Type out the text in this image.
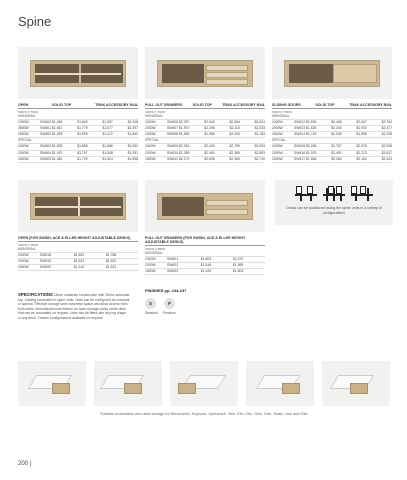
Spine
OPEN	SOLID TOP	TRAK ACCESSORY RAIL
SDDW X 550D
MONORAIL
2400W	SW600 $1,455	$1,845	$1,597	$2,308
2800W	SW601 $1,567	$1,779	$1,677	$2,397
1800W	SW602 $1,528	$1,595	$1,472	$1,842
SPECIAL
2400W	SW603 $1,835	$1,885	$1,668	$2,062
2000W	SW604 $1,457	$1,757	$1,548	$1,931
1600W	SW605 $1,381	$1,709	$1,624	$1,898
PULL OUT DRAWERS	SOLID TOP	TRAK ACCESSORY RAIL
SDDW X 550D
MONORAIL
2400W	SW606 $2,357	$2,445	$2,364	$2,624
2000W	SW607 $1,970	$2,298	$2,115	$2,533
1600W	SW608 $1,583	$1,986	$2,005	$2,183
SPECIAL
2400W	SW609 $2,316	$2,445	$2,799	$2,933
2000W	SW610 $2,359	$2,490	$2,385	$2,553
1600W	SW611 $2,179	$2,538	$2,365	$2,710
SLIDING DOORS	SOLID TOP	TRAK ACCESSORY RAIL
SDDW X 550D
MONORAIL
2400W	SW612 $1,836	$2,408	$2,067	$2,784
2000W	SW613 $1,625	$2,155	$1,932	$2,477
1600W	SW614 $1,743	$2,006	$1,858	$2,228
SPECIAL
2400W	SW615 $2,238	$2,757	$2,578	$2,935
2000W	SW616 $1,975	$2,491	$2,223	$2,617
1600W	SW617 $1,848	$2,284	$2,164	$2,423
OPEN (FOR SWISH, ACE & ELLER HEIGHT ADJUSTABLE DESKS)
SDDW X 550D
MONORAIL
2400W	SW618	$1,553	$1,788
2000W	SW619	$1,333	$1,620
1600W	SW620	$1,142	$1,513
PULL OUT DRAWERS (FOR SWISH, ACE & ELLER HEIGHT ADJUSTABLE DESKS)
SDDW X 550D
MONORAIL
2400W	SW621	$1,803	$2,070
2000W	SW622	$1,516	$1,989
1600W	SW623	$1,425	$1,803
Desks can be positioned along the spine units in a variety of configurations
SPECIFICATIONS 18mm substrate construction with 25mm substrate top. Cabling concealed in spine units. Units can be configured as monorail or special. Effective storage units maximise space and allow access from both sides. Monofascial units feature an open storage cavity under desk that can be concealed on request. Units can be fitted with any leg shape or any desk. Custom configurations available on request.
FINISHES pp. 234-237
S	P
Standard Premium
Suitable workstation and desk storage for Benchwork, Keywork, Openwork, Velo, Elio, Clic, Oslo, Dart, Swish, Ace and Eller
200 |
